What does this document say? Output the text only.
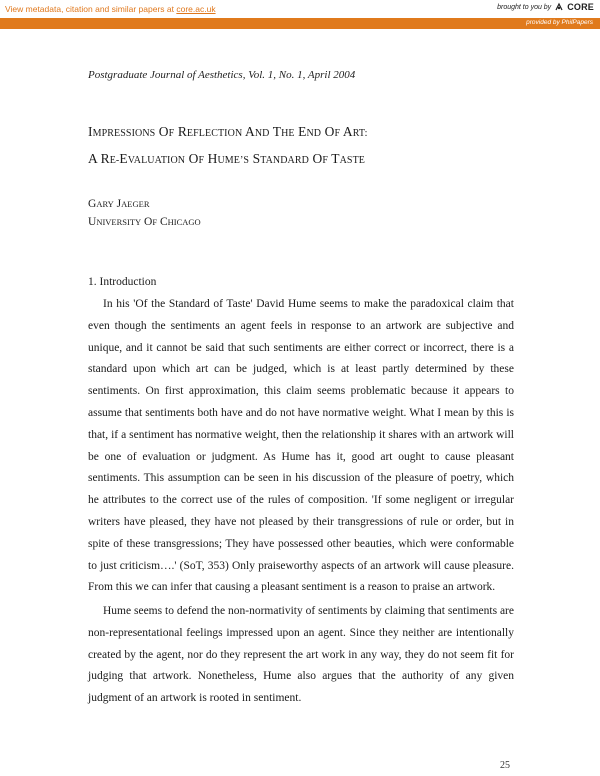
View metadata, citation and similar papers at core.ac.uk	brought to you by CORE
provided by PhilPapers
Postgraduate Journal of Aesthetics, Vol. 1, No. 1, April 2004
IMPRESSIONS OF REFLECTION AND THE END OF ART:
A RE-EVALUATION OF HUME’S STANDARD OF TASTE
GARY JAEGER
UNIVERSITY OF CHICAGO
1. Introduction

In his 'Of the Standard of Taste' David Hume seems to make the paradoxical claim that even though the sentiments an agent feels in response to an artwork are subjective and unique, and it cannot be said that such sentiments are either correct or incorrect, there is a standard upon which art can be judged, which is at least partly determined by these sentiments. On first approximation, this claim seems problematic because it appears to assume that sentiments both have and do not have normative weight. What I mean by this is that, if a sentiment has normative weight, then the relationship it shares with an artwork will be one of evaluation or judgment. As Hume has it, good art ought to cause pleasant sentiments. This assumption can be seen in his discussion of the pleasure of poetry, which he attributes to the correct use of the rules of composition. 'If some negligent or irregular writers have pleased, they have not pleased by their transgressions of rule or order, but in spite of these transgressions; They have possessed other beauties, which were conformable to just criticism….' (SoT, 353) Only praiseworthy aspects of an artwork will cause pleasure. From this we can infer that causing a pleasant sentiment is a reason to praise an artwork.

Hume seems to defend the non-normativity of sentiments by claiming that sentiments are non-representational feelings impressed upon an agent. Since they neither are intentionally created by the agent, nor do they represent the art work in any way, they do not seem fit for judging that artwork. Nonetheless, Hume also argues that the authority of any given judgment of an artwork is rooted in sentiment.

25
